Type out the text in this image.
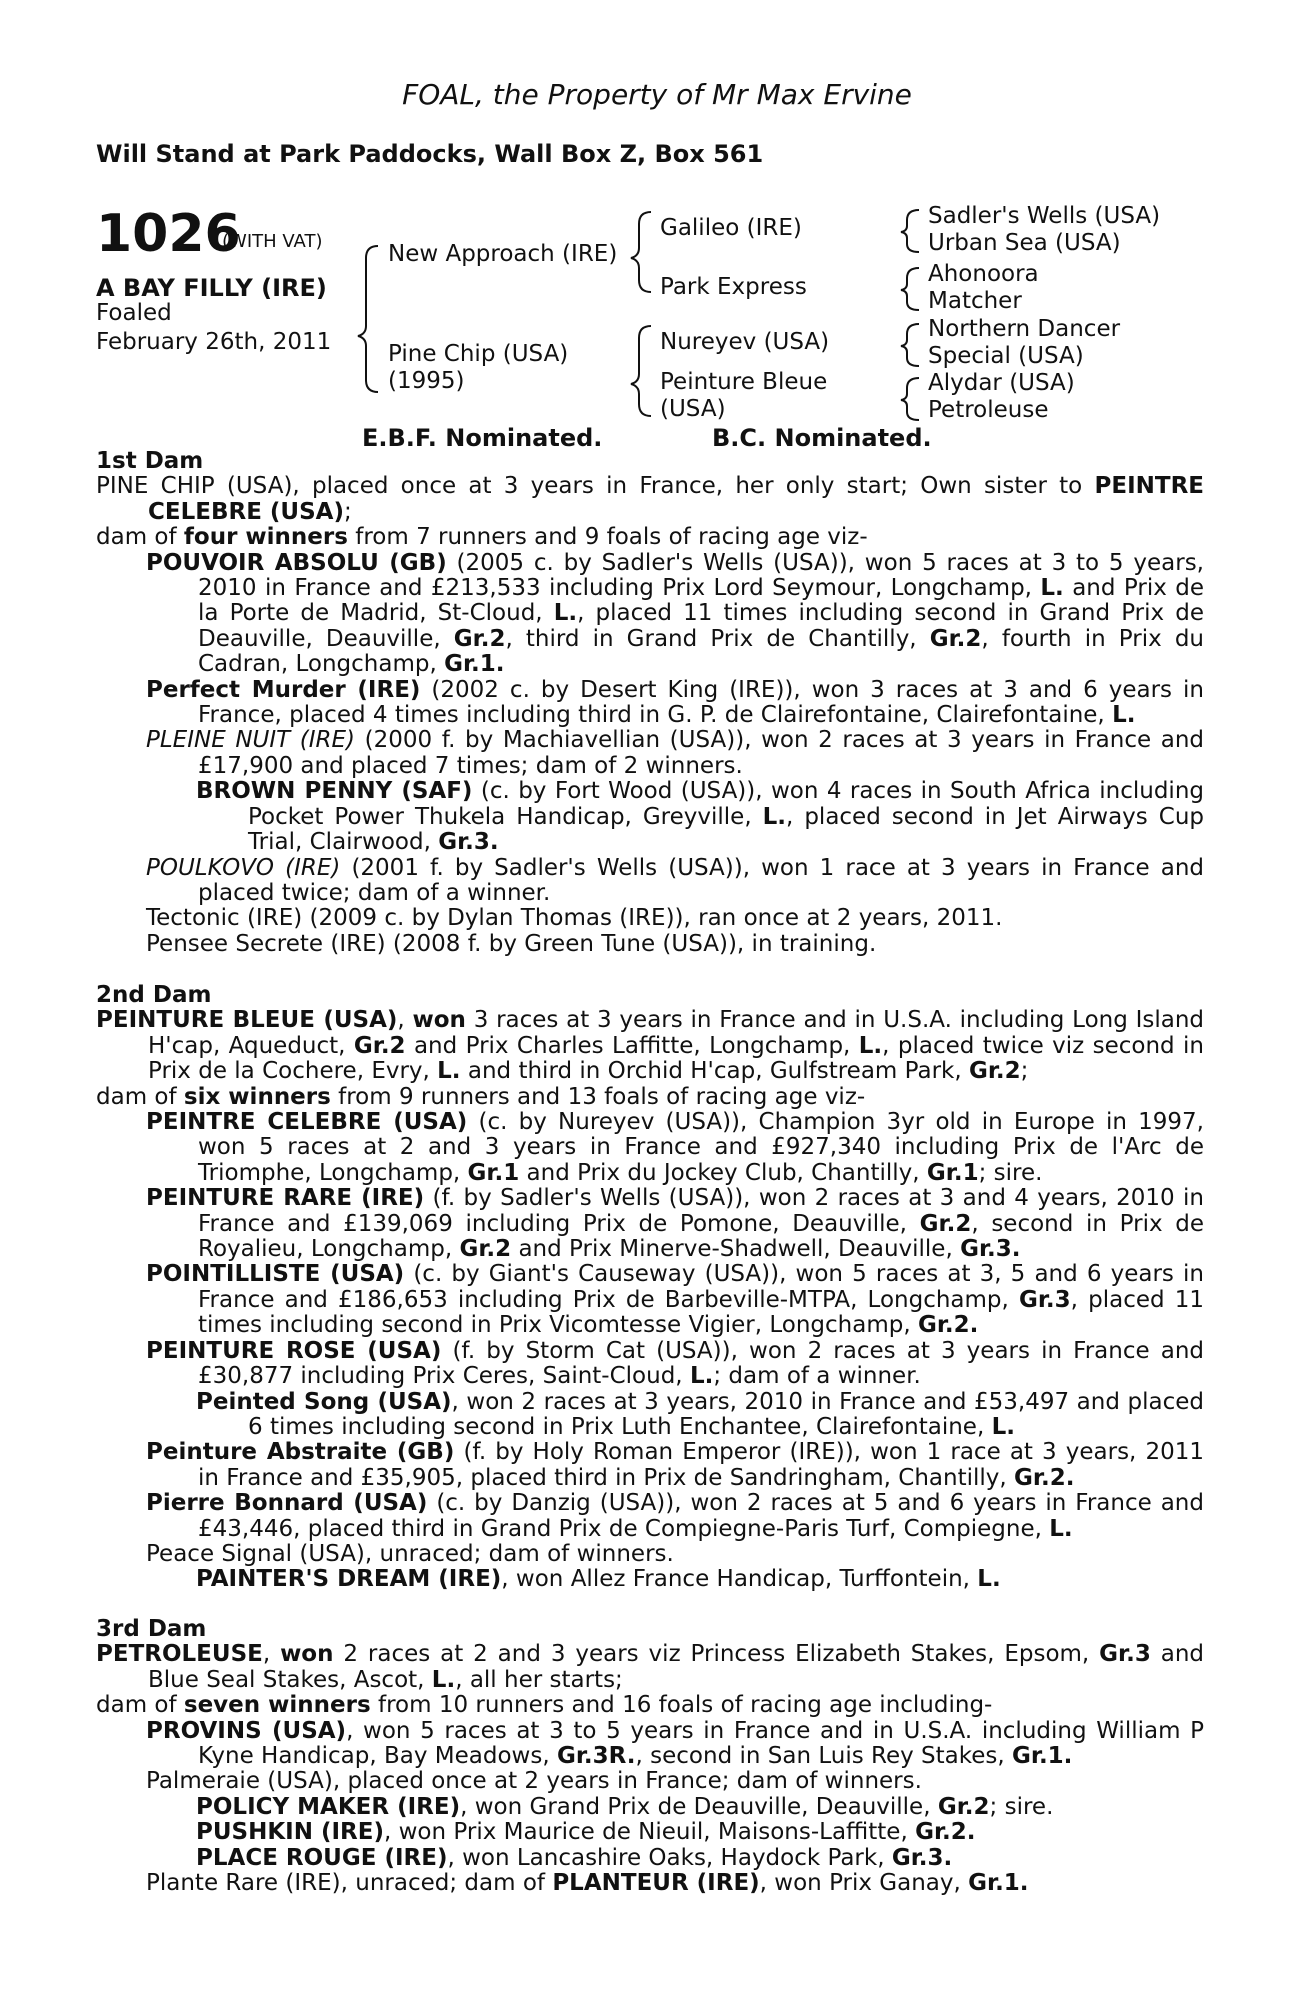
FOAL, the Property of Mr Max Ervine
Will Stand at Park Paddocks, Wall Box Z, Box 561
1026
(WITH VAT)
A BAY FILLY (IRE)
Foaled
February 26th, 2011
New Approach (IRE)
Pine Chip (USA)
(1995)
Galileo (IRE)
Park Express
Nureyev (USA)
Peinture Bleue
(USA)
Sadler's Wells (USA)
Urban Sea (USA)
Ahonoora
Matcher
Northern Dancer
Special (USA)
Alydar (USA)
Petroleuse
E.B.F. Nominated.	B.C. Nominated.

1st Dam

PINE CHIP (USA), placed once at 3 years in France, her only start; Own sister to PEINTRE CELEBRE (USA);

dam of four winners from 7 runners and 9 foals of racing age viz-

POUVOIR ABSOLU (GB) (2005 c. by Sadler's Wells (USA)), won 5 races at 3 to 5 years, 2010 in France and £213,533 including Prix Lord Seymour, Longchamp, L. and Prix de la Porte de Madrid, St-Cloud, L., placed 11 times including second in Grand Prix de Deauville, Deauville, Gr.2, third in Grand Prix de Chantilly, Gr.2, fourth in Prix du Cadran, Longchamp, Gr.1.

Perfect Murder (IRE) (2002 c. by Desert King (IRE)), won 3 races at 3 and 6 years in France, placed 4 times including third in G. P. de Clairefontaine, Clairefontaine, L.

PLEINE NUIT (IRE) (2000 f. by Machiavellian (USA)), won 2 races at 3 years in France and £17,900 and placed 7 times; dam of 2 winners.

BROWN PENNY (SAF) (c. by Fort Wood (USA)), won 4 races in South Africa including Pocket Power Thukela Handicap, Greyville, L., placed second in Jet Airways Cup Trial, Clairwood, Gr.3.

POULKOVO (IRE) (2001 f. by Sadler's Wells (USA)), won 1 race at 3 years in France and placed twice; dam of a winner.

Tectonic (IRE) (2009 c. by Dylan Thomas (IRE)), ran once at 2 years, 2011.

Pensee Secrete (IRE) (2008 f. by Green Tune (USA)), in training.

2nd Dam

PEINTURE BLEUE (USA), won 3 races at 3 years in France and in U.S.A. including Long Island H'cap, Aqueduct, Gr.2 and Prix Charles Laffitte, Longchamp, L., placed twice viz second in Prix de la Cochere, Evry, L. and third in Orchid H'cap, Gulfstream Park, Gr.2;

dam of six winners from 9 runners and 13 foals of racing age viz-

PEINTRE CELEBRE (USA) (c. by Nureyev (USA)), Champion 3yr old in Europe in 1997, won 5 races at 2 and 3 years in France and £927,340 including Prix de l'Arc de Triomphe, Longchamp, Gr.1 and Prix du Jockey Club, Chantilly, Gr.1; sire.

PEINTURE RARE (IRE) (f. by Sadler's Wells (USA)), won 2 races at 3 and 4 years, 2010 in France and £139,069 including Prix de Pomone, Deauville, Gr.2, second in Prix de Royalieu, Longchamp, Gr.2 and Prix Minerve-Shadwell, Deauville, Gr.3.

POINTILLISTE (USA) (c. by Giant's Causeway (USA)), won 5 races at 3, 5 and 6 years in France and £186,653 including Prix de Barbeville-MTPA, Longchamp, Gr.3, placed 11 times including second in Prix Vicomtesse Vigier, Longchamp, Gr.2.

PEINTURE ROSE (USA) (f. by Storm Cat (USA)), won 2 races at 3 years in France and £30,877 including Prix Ceres, Saint-Cloud, L.; dam of a winner.

Peinted Song (USA), won 2 races at 3 years, 2010 in France and £53,497 and placed 6 times including second in Prix Luth Enchantee, Clairefontaine, L.

Peinture Abstraite (GB) (f. by Holy Roman Emperor (IRE)), won 1 race at 3 years, 2011 in France and £35,905, placed third in Prix de Sandringham, Chantilly, Gr.2.

Pierre Bonnard (USA) (c. by Danzig (USA)), won 2 races at 5 and 6 years in France and £43,446, placed third in Grand Prix de Compiegne-Paris Turf, Compiegne, L.

Peace Signal (USA), unraced; dam of winners.

PAINTER'S DREAM (IRE), won Allez France Handicap, Turffontein, L.

3rd Dam

PETROLEUSE, won 2 races at 2 and 3 years viz Princess Elizabeth Stakes, Epsom, Gr.3 and Blue Seal Stakes, Ascot, L., all her starts;

dam of seven winners from 10 runners and 16 foals of racing age including-

PROVINS (USA), won 5 races at 3 to 5 years in France and in U.S.A. including William P Kyne Handicap, Bay Meadows, Gr.3R., second in San Luis Rey Stakes, Gr.1.

Palmeraie (USA), placed once at 2 years in France; dam of winners.

POLICY MAKER (IRE), won Grand Prix de Deauville, Deauville, Gr.2; sire.

PUSHKIN (IRE), won Prix Maurice de Nieuil, Maisons-Laffitte, Gr.2.

PLACE ROUGE (IRE), won Lancashire Oaks, Haydock Park, Gr.3.

Plante Rare (IRE), unraced; dam of PLANTEUR (IRE), won Prix Ganay, Gr.1.
